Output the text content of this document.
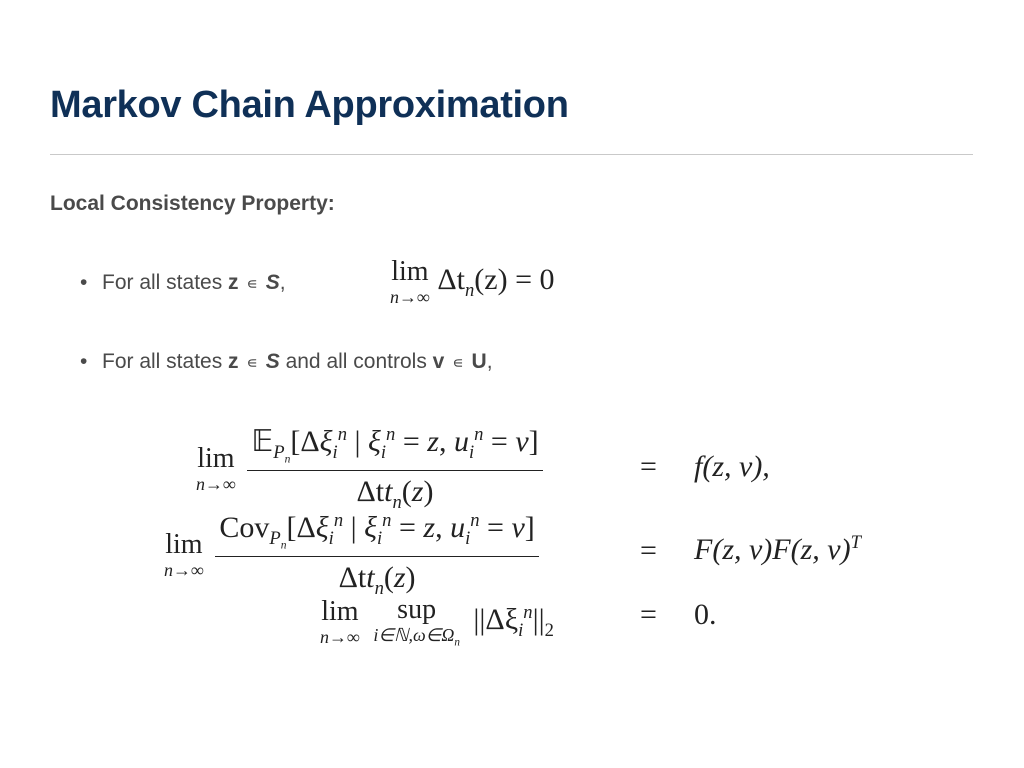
Markov Chain Approximation
Local Consistency Property:
• For all states z ∊ S,	lim
n→∞
$\Delta t_n(z) = 0$
• For all states z ∊ S and all controls v ∊ U,
lim
n→∞
$\frac{𝔼_{P_n}[\Delta\xi_i^n | \xi_i^n = z, u_i^n = v]}{\Delta tt_n(z)}$	= f(z, v),
lim
n→∞
$\frac{Cov_{P_n}[\Delta\xi_i^n | \xi_i^n = z, u_i^n = v]}{\Delta tt_n(z)}$	= F(z, v)F(z, v)$^T$
lim
n→∞

sup
$i\in ℕ,\omega\in\Omega_n$
$||\Delta\xi_i^n||_2$	= 0.
